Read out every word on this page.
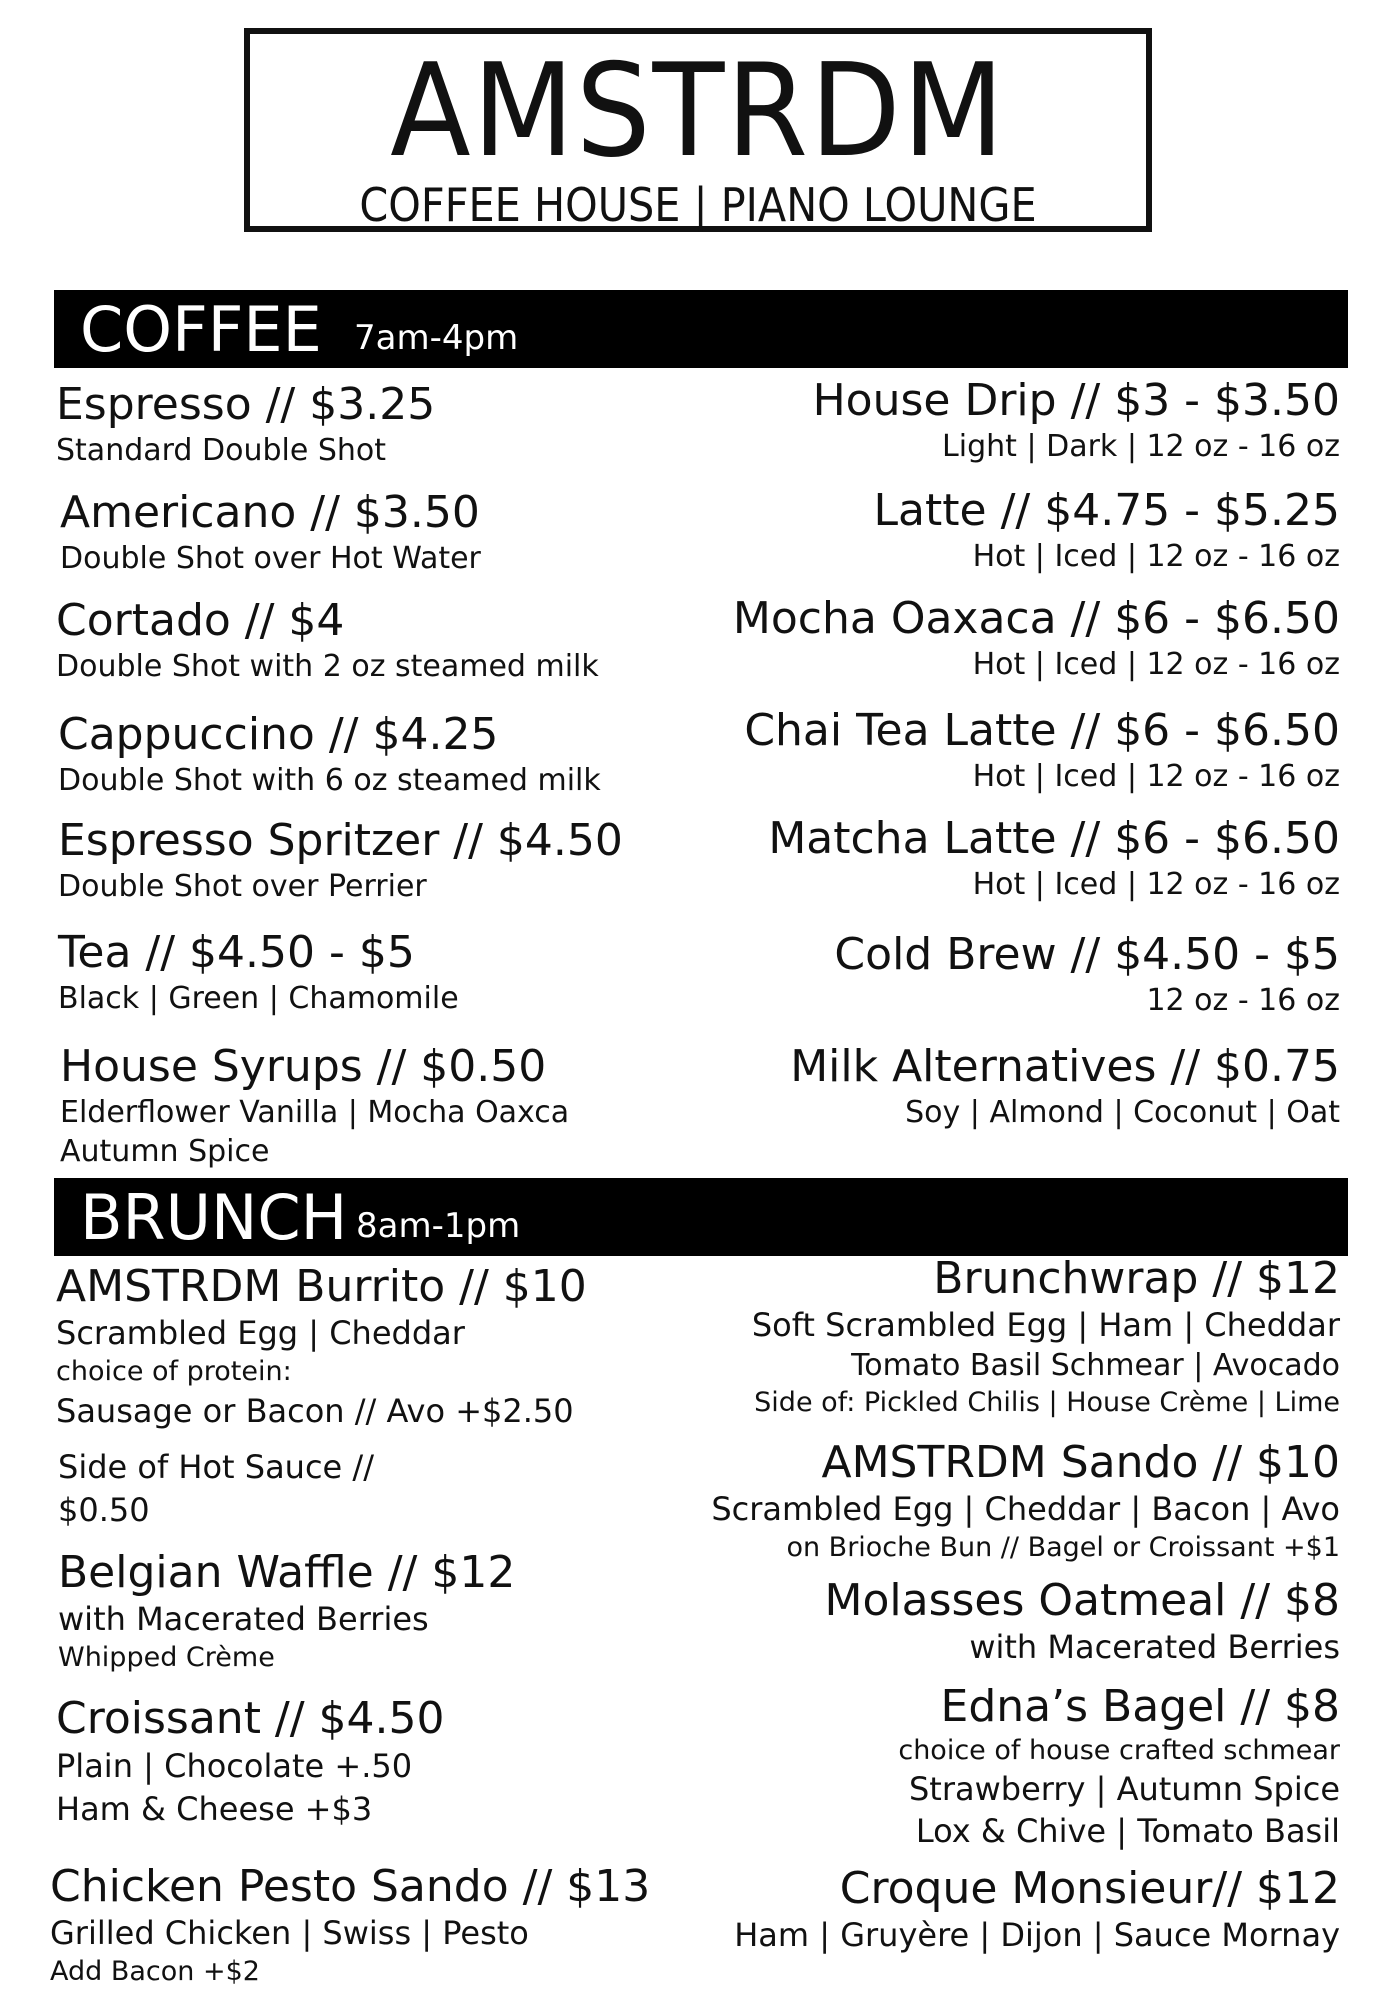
AMSTRDM
COFFEE HOUSE | PIANO LOUNGE
COFFEE 7am-4pm
Espresso // $3.25
Standard Double Shot
Americano // $3.50
Double Shot over Hot Water
Cortado // $4
Double Shot with 2 oz steamed milk
Cappuccino // $4.25
Double Shot with 6 oz steamed milk
Espresso Spritzer // $4.50
Double Shot over Perrier
Tea // $4.50 - $5
Black | Green | Chamomile
House Syrups // $0.50
Elderflower Vanilla | Mocha Oaxca
Autumn Spice
House Drip // $3 - $3.50
Light | Dark | 12 oz - 16 oz
Latte // $4.75 - $5.25
Hot | Iced | 12 oz - 16 oz
Mocha Oaxaca // $6 - $6.50
Hot | Iced | 12 oz - 16 oz
Chai Tea Latte // $6 - $6.50
Hot | Iced | 12 oz - 16 oz
Matcha Latte // $6 - $6.50
Hot | Iced | 12 oz - 16 oz
Cold Brew // $4.50 - $5
12 oz - 16 oz
Milk Alternatives // $0.75
Soy | Almond | Coconut | Oat
BRUNCH 8am-1pm
AMSTRDM Burrito // $10
Scrambled Egg | Cheddar
choice of protein:
Sausage or Bacon // Avo +$2.50
Side of Hot Sauce //
$0.50
Belgian Waffle // $12
with Macerated Berries
Whipped Crème
Croissant // $4.50
Plain | Chocolate +.50
Ham & Cheese +$3
Chicken Pesto Sando // $13
Grilled Chicken | Swiss | Pesto
Add Bacon +$2
Brunchwrap // $12
Soft Scrambled Egg | Ham | Cheddar
Tomato Basil Schmear | Avocado
Side of: Pickled Chilis | House Crème | Lime
AMSTRDM Sando // $10
Scrambled Egg | Cheddar | Bacon | Avo
on Brioche Bun // Bagel or Croissant +$1
Molasses Oatmeal // $8
with Macerated Berries
Edna’s Bagel // $8
choice of house crafted schmear
Strawberry | Autumn Spice
Lox & Chive | Tomato Basil
Croque Monsieur// $12
Ham | Gruyère | Dijon | Sauce Mornay
